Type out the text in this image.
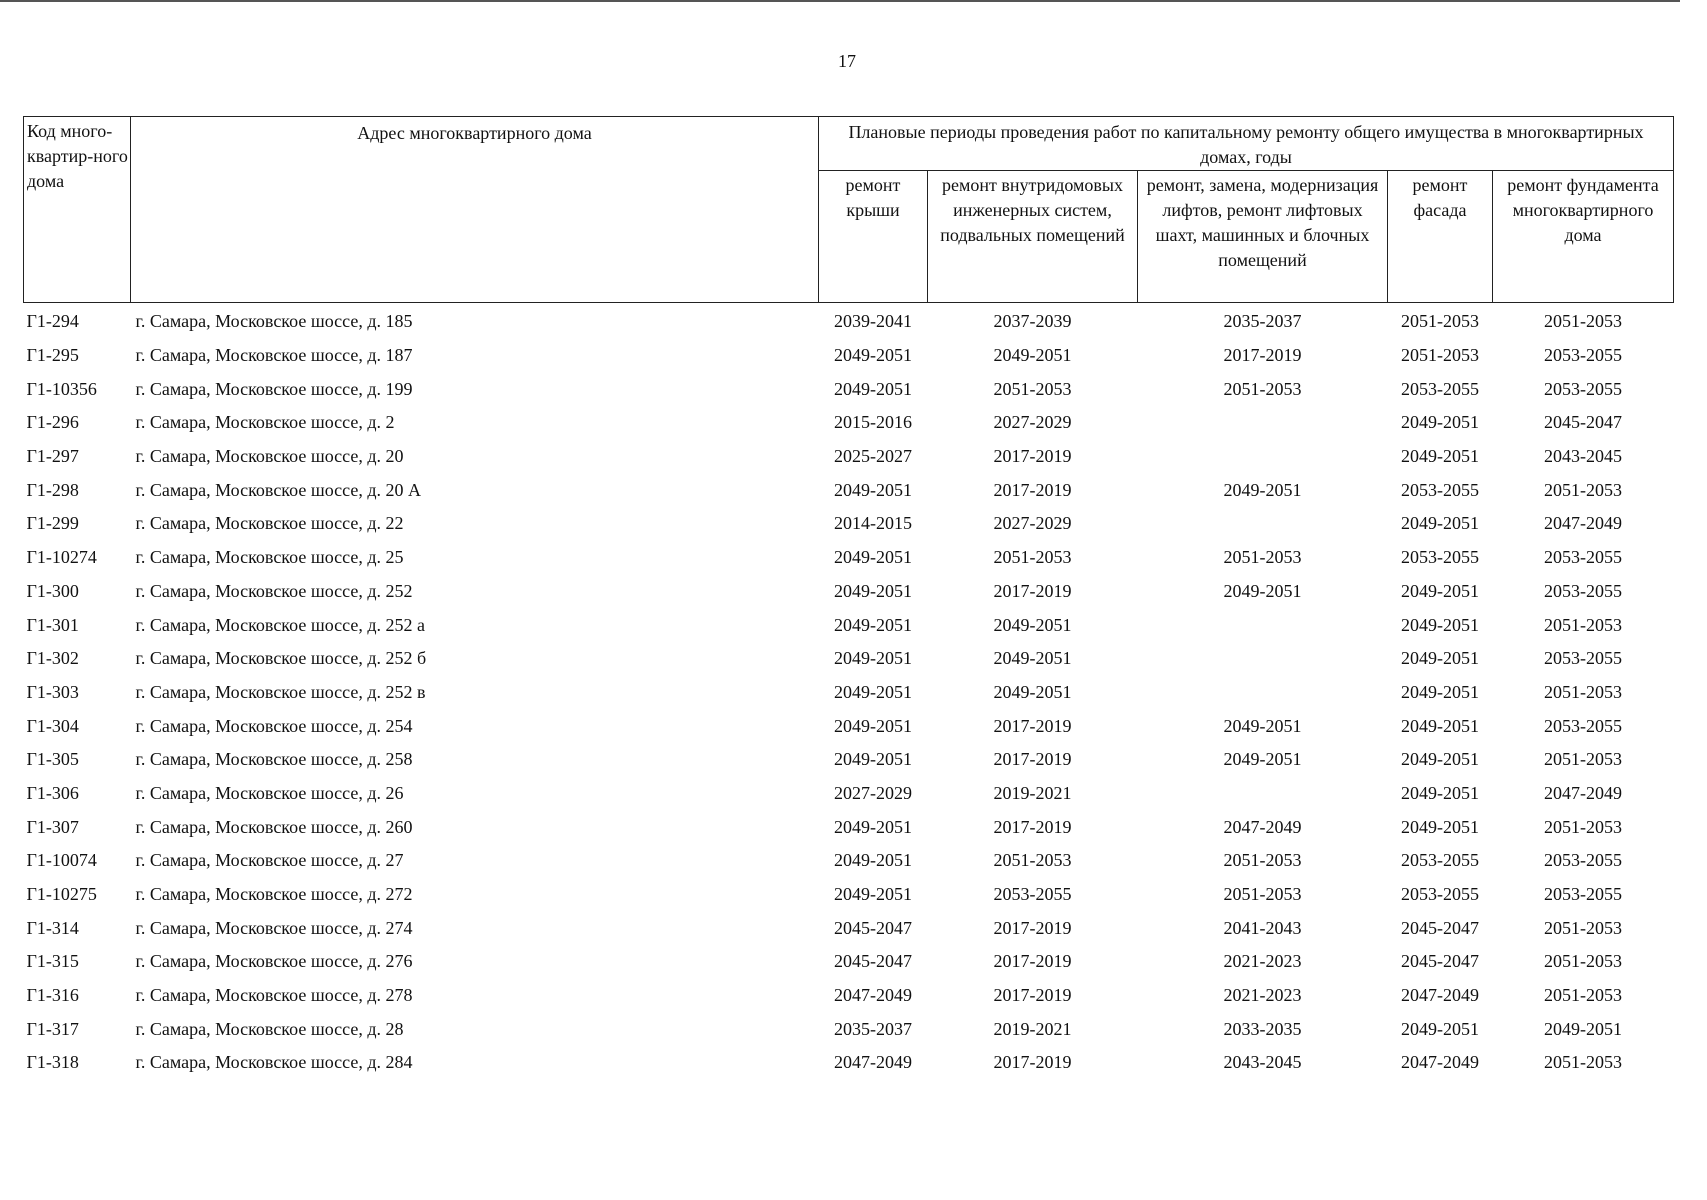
17
Код много-квартир-ного дома	Адрес многоквартирного дома	Плановые периоды проведения работ по капитальному ремонту общего имущества в многоквартирных домах, годы				
		ремонт крыши	ремонт внутридомовых инженерных систем, подвальных помещений	ремонт, замена, модернизация лифтов, ремонт лифтовых шахт, машинных и блочных помещений	ремонт фасада	ремонт фундамента многоквартирного дома
Г1-294	г. Самара, Московское шоссе, д. 185	2039-2041	2037-2039	2035-2037	2051-2053	2051-2053
Г1-295	г. Самара, Московское шоссе, д. 187	2049-2051	2049-2051	2017-2019	2051-2053	2053-2055
Г1-10356	г. Самара, Московское шоссе, д. 199	2049-2051	2051-2053	2051-2053	2053-2055	2053-2055
Г1-296	г. Самара, Московское шоссе, д. 2	2015-2016	2027-2029		2049-2051	2045-2047
Г1-297	г. Самара, Московское шоссе, д. 20	2025-2027	2017-2019		2049-2051	2043-2045
Г1-298	г. Самара, Московское шоссе, д. 20 А	2049-2051	2017-2019	2049-2051	2053-2055	2051-2053
Г1-299	г. Самара, Московское шоссе, д. 22	2014-2015	2027-2029		2049-2051	2047-2049
Г1-10274	г. Самара, Московское шоссе, д. 25	2049-2051	2051-2053	2051-2053	2053-2055	2053-2055
Г1-300	г. Самара, Московское шоссе, д. 252	2049-2051	2017-2019	2049-2051	2049-2051	2053-2055
Г1-301	г. Самара, Московское шоссе, д. 252 а	2049-2051	2049-2051		2049-2051	2051-2053
Г1-302	г. Самара, Московское шоссе, д. 252 б	2049-2051	2049-2051		2049-2051	2053-2055
Г1-303	г. Самара, Московское шоссе, д. 252 в	2049-2051	2049-2051		2049-2051	2051-2053
Г1-304	г. Самара, Московское шоссе, д. 254	2049-2051	2017-2019	2049-2051	2049-2051	2053-2055
Г1-305	г. Самара, Московское шоссе, д. 258	2049-2051	2017-2019	2049-2051	2049-2051	2051-2053
Г1-306	г. Самара, Московское шоссе, д. 26	2027-2029	2019-2021		2049-2051	2047-2049
Г1-307	г. Самара, Московское шоссе, д. 260	2049-2051	2017-2019	2047-2049	2049-2051	2051-2053
Г1-10074	г. Самара, Московское шоссе, д. 27	2049-2051	2051-2053	2051-2053	2053-2055	2053-2055
Г1-10275	г. Самара, Московское шоссе, д. 272	2049-2051	2053-2055	2051-2053	2053-2055	2053-2055
Г1-314	г. Самара, Московское шоссе, д. 274	2045-2047	2017-2019	2041-2043	2045-2047	2051-2053
Г1-315	г. Самара, Московское шоссе, д. 276	2045-2047	2017-2019	2021-2023	2045-2047	2051-2053
Г1-316	г. Самара, Московское шоссе, д. 278	2047-2049	2017-2019	2021-2023	2047-2049	2051-2053
Г1-317	г. Самара, Московское шоссе, д. 28	2035-2037	2019-2021	2033-2035	2049-2051	2049-2051
Г1-318	г. Самара, Московское шоссе, д. 284	2047-2049	2017-2019	2043-2045	2047-2049	2051-2053
